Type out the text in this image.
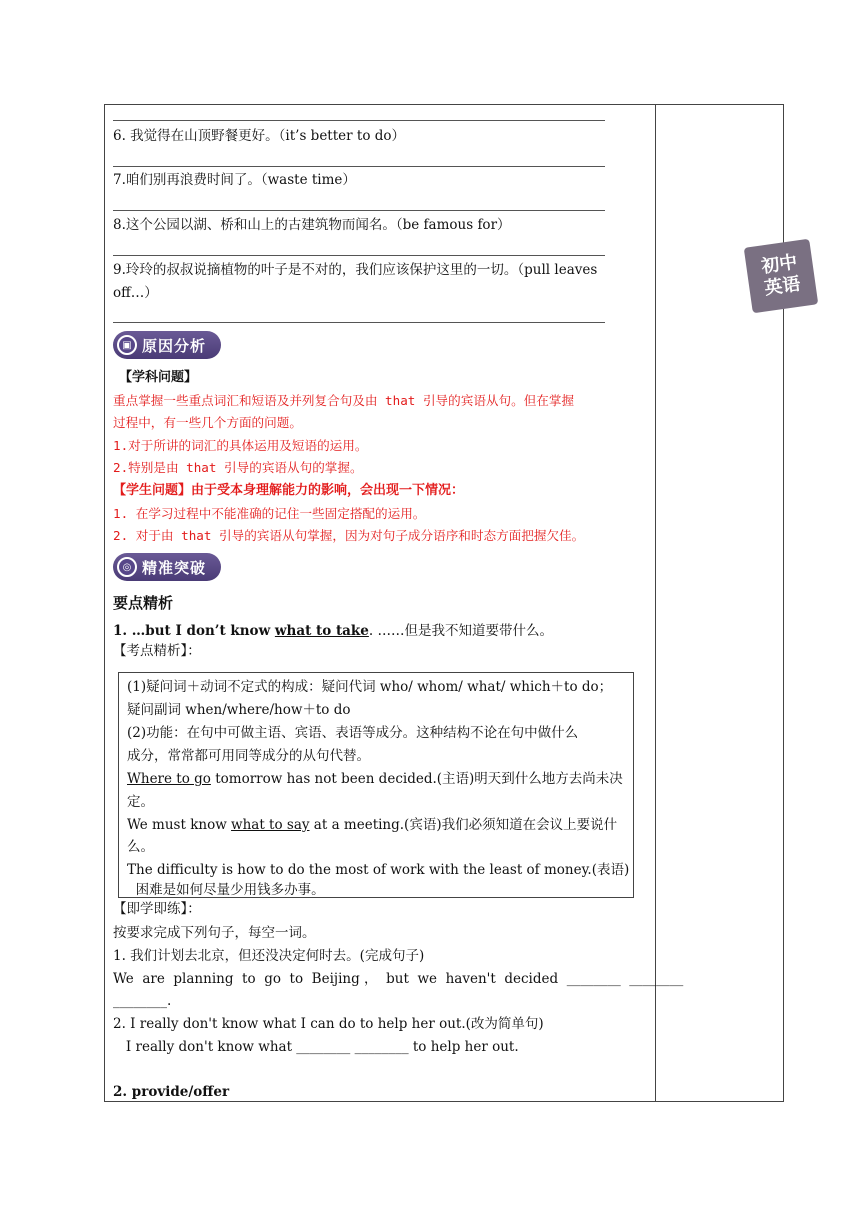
6. 我觉得在山顶野餐更好。（it’s better to do）
7.咱们别再浪费时间了。（waste time）
8.这个公园以湖、桥和山上的古建筑物而闻名。（be famous for）
9.玲玲的叔叔说摘植物的叶子是不对的，我们应该保护这里的一切。（pull leaves
off…）
▣ 原因分析
【学科问题】
重点掌握一些重点词汇和短语及并列复合句及由 that 引导的宾语从句。但在掌握
过程中，有一些几个方面的问题。
1.对于所讲的词汇的具体运用及短语的运用。
2.特别是由 that 引导的宾语从句的掌握。
【学生问题】由于受本身理解能力的影响，会出现一下情况：
1. 在学习过程中不能准确的记住一些固定搭配的运用。
2. 对于由 that 引导的宾语从句掌握，因为对句子成分语序和时态方面把握欠佳。
◎ 精准突破
要点精析
1. …but I don’t know what to take. ……但是我不知道要带什么。
【考点精析】：
(1)疑问词＋动词不定式的构成：疑问代词 who/ whom/ what/ which＋to do；
疑问副词 when/where/how＋to do
(2)功能：在句中可做主语、宾语、表语等成分。这种结构不论在句中做什么
成分，常常都可用同等成分的从句代替。
Where to go tomorrow has not been decided.(主语)明天到什么地方去尚未决
定。
We must know what to say at a meeting.(宾语)我们必须知道在会议上要说什
么。
The difficulty is how to do the most of work with the least of money.(表语)
困难是如何尽量少用钱多办事。
【即学即练】：
按要求完成下列句子，每空一词。
1. 我们计划去北京，但还没决定何时去。(完成句子)
We  are  planning  to  go  to  Beijing ，  but  we  haven't  decided  ________  ________
________.
2. I really don't know what I can do to help her out.(改为简单句)
I really don't know what ________ ________ to help her out.
2. provide/offer
初中
英语
